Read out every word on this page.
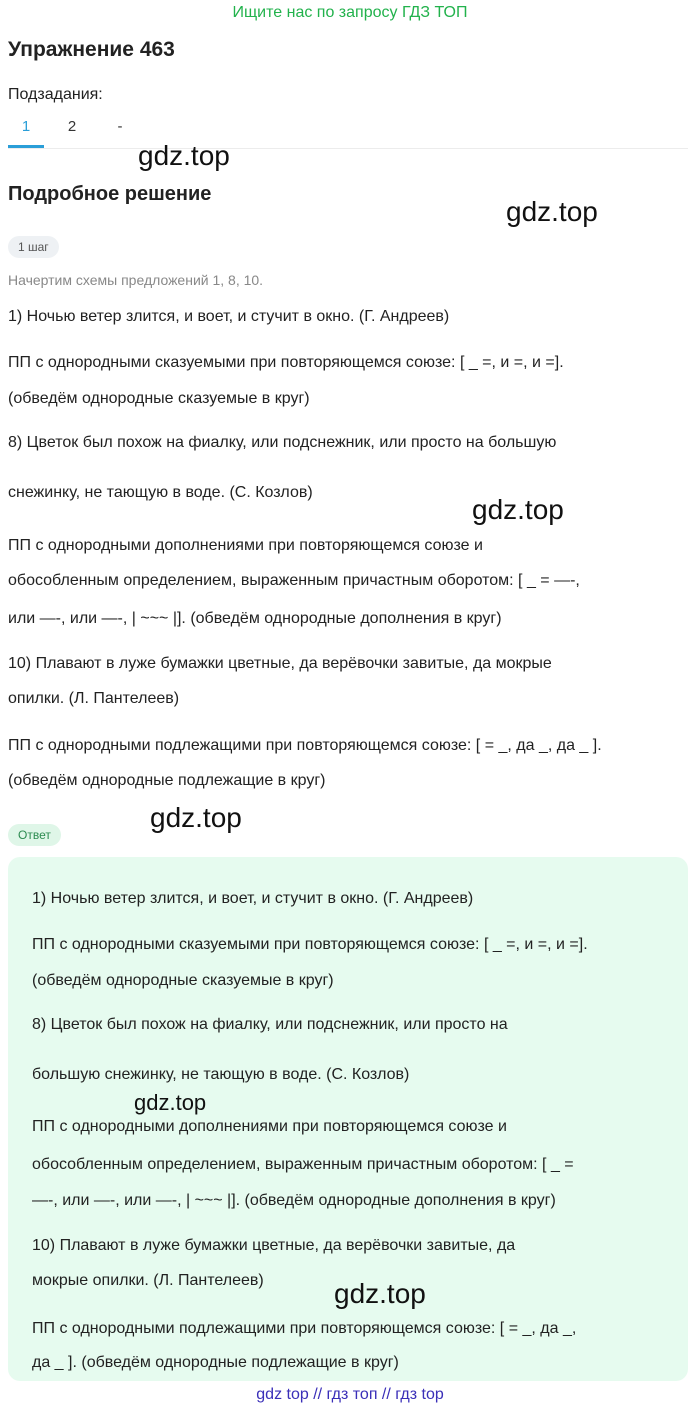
Ищите нас по запросу ГДЗ ТОП
Упражнение 463
Подзадания:
1	2	-
gdz.top
Подробное решение
gdz.top
1 шаг
Начертим схемы предложений 1, 8, 10.
1) Ночью ветер злится, и воет, и стучит в окно. (Г. Андреев)
ПП с однородными сказуемыми при повторяющемся союзе: [ _ =, и =, и =].
(обведём однородные сказуемые в круг)
8) Цветок был похож на фиалку, или подснежник, или просто на большую
снежинку, не тающую в воде. (С. Козлов)
gdz.top
ПП с однородными дополнениями при повторяющемся союзе и
обособленным определением, выраженным причастным оборотом: [ _ = —-,
или —-, или —-, | ~~~ |]. (обведём однородные дополнения в круг)
10) Плавают в луже бумажки цветные, да верёвочки завитые, да мокрые
опилки. (Л. Пантелеев)
ПП с однородными подлежащими при повторяющемся союзе: [ = _, да _, да _ ].
(обведём однородные подлежащие в круг)
Ответ
gdz.top
1) Ночью ветер злится, и воет, и стучит в окно. (Г. Андреев)
ПП с однородными сказуемыми при повторяющемся союзе: [ _ =, и =, и =].
(обведём однородные сказуемые в круг)
8) Цветок был похож на фиалку, или подснежник, или просто на
большую снежинку, не тающую в воде. (С. Козлов)
gdz.top
ПП с однородными дополнениями при повторяющемся союзе и
обособленным определением, выраженным причастным оборотом: [ _ =
—-, или —-, или —-, | ~~~ |]. (обведём однородные дополнения в круг)
10) Плавают в луже бумажки цветные, да верёвочки завитые, да
мокрые опилки. (Л. Пантелеев)	gdz.top
ПП с однородными подлежащими при повторяющемся союзе: [ = _, да _,
да _ ]. (обведём однородные подлежащие в круг)
gdz top // гдз топ // гдз top
